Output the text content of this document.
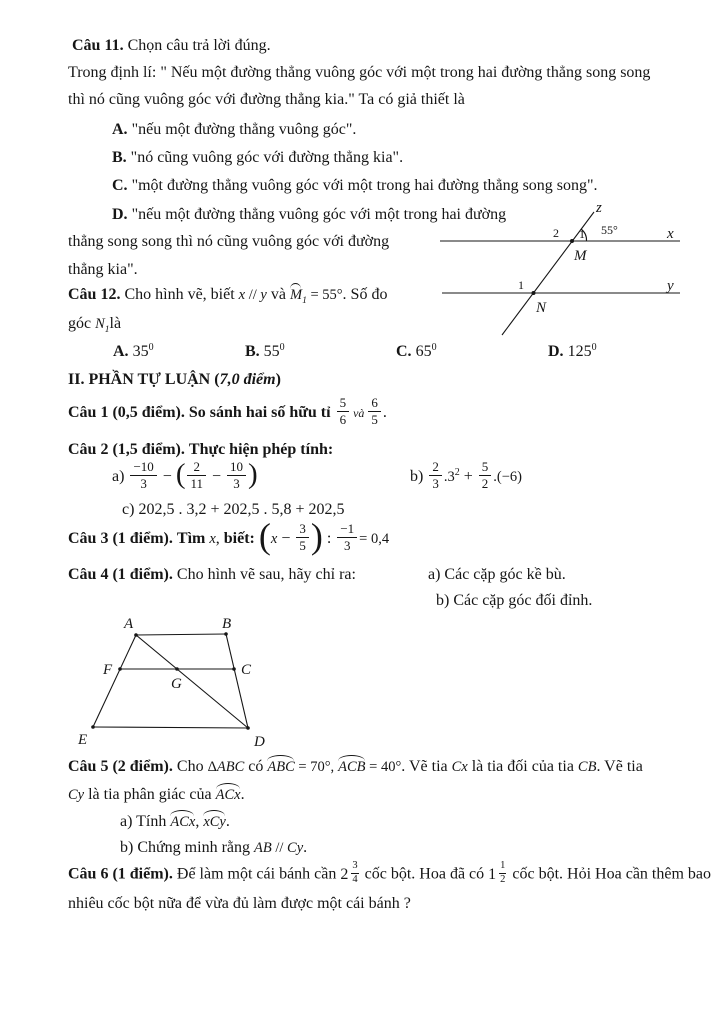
Câu 11. Chọn câu trả lời đúng.
Trong định lí: " Nếu một đường thẳng vuông góc với một trong hai đường thẳng song song
thì nó cũng vuông góc với đường thẳng kia." Ta có giả thiết là
A. "nếu một đường thẳng vuông góc".
B. "nó cũng vuông góc với đường thẳng kia".
C. "một đường thẳng vuông góc với một trong hai đường thẳng song song".
D. "nếu một đường thẳng vuông góc với một trong hai đường
thẳng song song thì nó cũng vuông góc với đường
thẳng kia".
z
x
y
2 1 55°
M
1
N
Câu 12. Cho hình vẽ, biết x // y và $M_1 = 55^\circ$. Số đo
góc $N_1là$
A. $35^0$	B. $55^0$	C. $65^0$	D. $125^0$
II. PHẦN TỰ LUẬN (7,0 điểm)
Câu 1 (0,5 điểm). So sánh hai số hữu tỉ $\frac{5}{6}$ và $\frac{6}{5}$ .
Câu 2 (1,5 điểm). Thực hiện phép tính:
$a) \frac{-10}{3}$ − ( $\frac{2}{11} - \frac{10}{3}$ )	$b) \frac{2}{3} .3^2 + \frac{5}{2} .(-6)$
c) 202,5 . 3,2 + 202,5 . 5,8 + 202,5
Câu 3 (1 điểm). Tìm x, biết: ($x - \frac{3}{5}$ ) : $\frac{-1}{3} = 0,4$
Câu 4 (1 điểm). Cho hình vẽ sau, hãy chỉ ra:	a) Các cặp góc kề bù.
b) Các cặp góc đối đỉnh.
A	B
F	C
G
E	D
Câu 5 (2 điểm). Cho ΔABC có ABC = 70°, ACB = 40°. Vẽ tia Cx là tia đối của tia CB. Vẽ tia
Cy là tia phân giác của ACx.
a) Tính ACx, xCy.
b) Chứng minh rằng AB // Cy.
Câu 6 (1 điểm). Để làm một cái bánh cần $2 \frac{3}{4}$ cốc bột. Hoa đã có $1 \frac{1}{2}$ cốc bột. Hỏi Hoa cần thêm bao
nhiêu cốc bột nữa để vừa đủ làm được một cái bánh ?
